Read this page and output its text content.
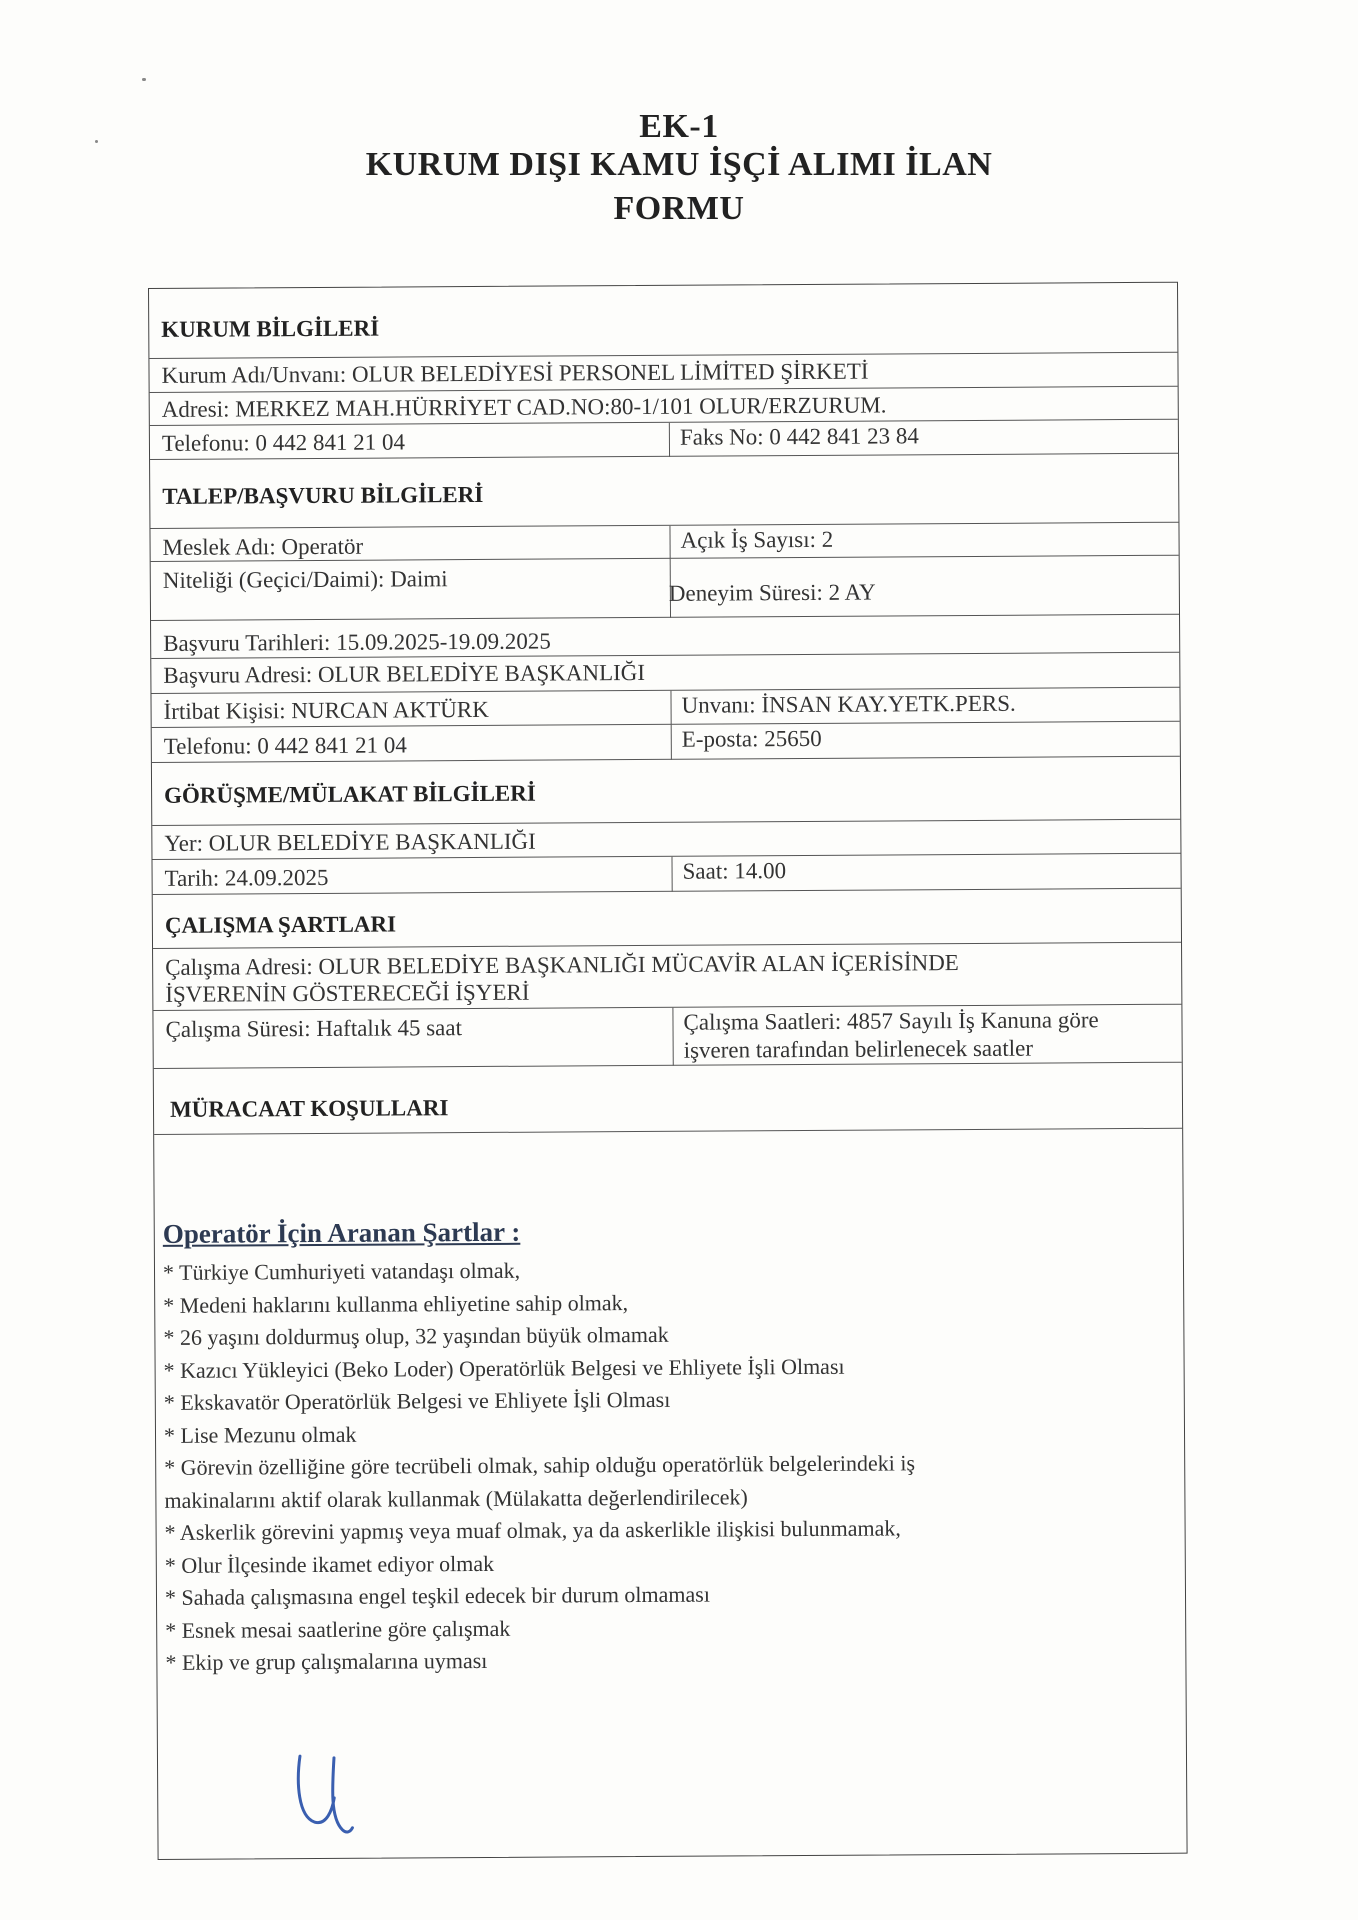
EK-1
KURUM DIŞI KAMU İŞÇİ ALIMI İLAN
FORMU
KURUM BİLGİLERİ
Kurum Adı/Unvanı: OLUR BELEDİYESİ PERSONEL LİMİTED ŞİRKETİ
Adresi: MERKEZ MAH.HÜRRİYET CAD.NO:80-1/101 OLUR/ERZURUM.
Telefonu: 0 442 841 21 04	Faks No: 0 442 841 23 84
TALEP/BAŞVURU BİLGİLERİ
Meslek Adı: Operatör	Açık İş Sayısı: 2
Niteliği (Geçici/Daimi): Daimi	Deneyim Süresi: 2 AY
Başvuru Tarihleri: 15.09.2025-19.09.2025
Başvuru Adresi: OLUR BELEDİYE BAŞKANLIĞI
İrtibat Kişisi: NURCAN AKTÜRK	Unvanı: İNSAN KAY.YETK.PERS.
Telefonu: 0 442 841 21 04	E-posta: 25650
GÖRÜŞME/MÜLAKAT BİLGİLERİ
Yer: OLUR BELEDİYE BAŞKANLIĞI
Tarih: 24.09.2025	Saat: 14.00
ÇALIŞMA ŞARTLARI
Çalışma Adresi: OLUR BELEDİYE BAŞKANLIĞI MÜCAVİR ALAN İÇERİSİNDE
İŞVERENİN GÖSTERECEĞİ İŞYERİ
Çalışma Süresi: Haftalık 45 saat	Çalışma Saatleri: 4857 Sayılı İş Kanuna göre
işveren tarafından belirlenecek saatler
MÜRACAAT KOŞULLARI
Operatör İçin Aranan Şartlar :
* Türkiye Cumhuriyeti vatandaşı olmak,
* Medeni haklarını kullanma ehliyetine sahip olmak,
* 26 yaşını doldurmuş olup, 32 yaşından büyük olmamak
* Kazıcı Yükleyici (Beko Loder) Operatörlük Belgesi ve Ehliyete İşli Olması
* Ekskavatör Operatörlük Belgesi ve Ehliyete İşli Olması
* Lise Mezunu olmak
* Görevin özelliğine göre tecrübeli olmak, sahip olduğu operatörlük belgelerindeki iş
makinalarını aktif olarak kullanmak (Mülakatta değerlendirilecek)
* Askerlik görevini yapmış veya muaf olmak, ya da askerlikle ilişkisi bulunmamak,
* Olur İlçesinde ikamet ediyor olmak
* Sahada çalışmasına engel teşkil edecek bir durum olmaması
* Esnek mesai saatlerine göre çalışmak
* Ekip ve grup çalışmalarına uyması
